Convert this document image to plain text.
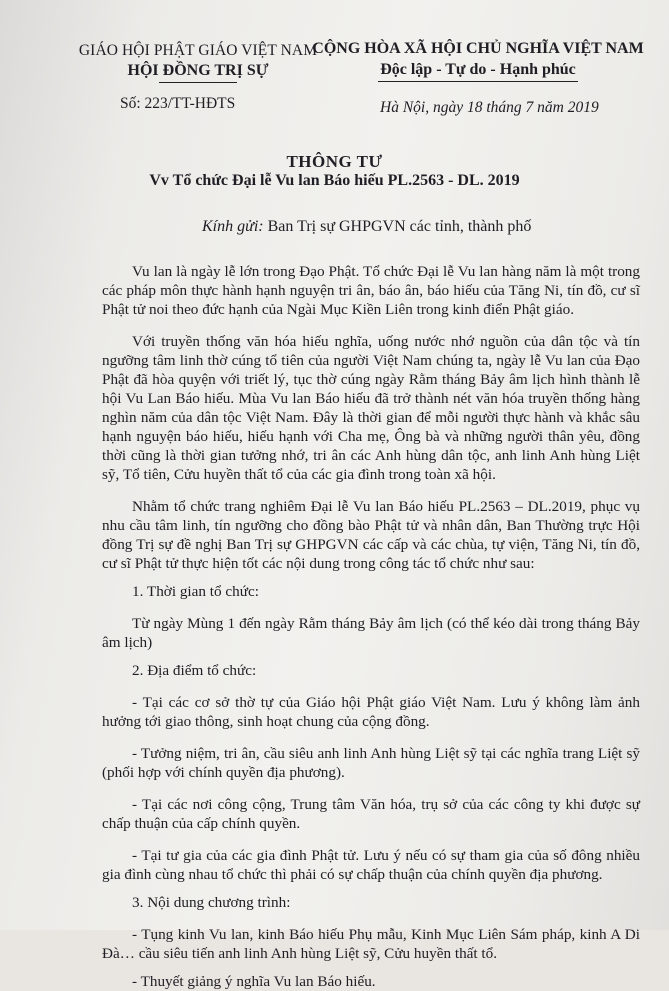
GIÁO HỘI PHẬT GIÁO VIỆT NAM
HỘI ĐỒNG TRỊ SỰ
CỘNG HÒA XÃ HỘI CHỦ NGHĨA VIỆT NAM
Độc lập - Tự do - Hạnh phúc
Số: 223/TT-HĐTS	Hà Nội, ngày 18 tháng 7 năm 2019
THÔNG TƯ
Vv Tổ chức Đại lễ Vu lan Báo hiếu PL.2563 - DL. 2019
Kính gửi: Ban Trị sự GHPGVN các tỉnh, thành phố

Vu lan là ngày lễ lớn trong Đạo Phật. Tổ chức Đại lễ Vu lan hàng năm là một trong các pháp môn thực hành hạnh nguyện tri ân, báo ân, báo hiếu của Tăng Ni, tín đồ, cư sĩ Phật tử noi theo đức hạnh của Ngài Mục Kiền Liên trong kinh điển Phật giáo.

Với truyền thống văn hóa hiếu nghĩa, uống nước nhớ nguồn của dân tộc và tín ngưỡng tâm linh thờ cúng tổ tiên của người Việt Nam chúng ta, ngày lễ Vu lan của Đạo Phật đã hòa quyện với triết lý, tục thờ cúng ngày Rằm tháng Bảy âm lịch hình thành lễ hội Vu Lan Báo hiếu. Mùa Vu lan Báo hiếu đã trở thành nét văn hóa truyền thống hàng nghìn năm của dân tộc Việt Nam. Đây là thời gian để mỗi người thực hành và khắc sâu hạnh nguyện báo hiếu, hiếu hạnh với Cha mẹ, Ông bà và những người thân yêu, đồng thời cũng là thời gian tưởng nhớ, tri ân các Anh hùng dân tộc, anh linh Anh hùng Liệt sỹ, Tổ tiên, Cửu huyền thất tổ của các gia đình trong toàn xã hội.

Nhằm tổ chức trang nghiêm Đại lễ Vu lan Báo hiếu PL.2563 – DL.2019, phục vụ nhu cầu tâm linh, tín ngưỡng cho đồng bào Phật tử và nhân dân, Ban Thường trực Hội đồng Trị sự đề nghị Ban Trị sự GHPGVN các cấp và các chùa, tự viện, Tăng Ni, tín đồ, cư sĩ Phật tử thực hiện tốt các nội dung trong công tác tổ chức như sau:

1. Thời gian tổ chức:

Từ ngày Mùng 1 đến ngày Rằm tháng Bảy âm lịch (có thể kéo dài trong tháng Bảy âm lịch)

2. Địa điểm tổ chức:

- Tại các cơ sở thờ tự của Giáo hội Phật giáo Việt Nam. Lưu ý không làm ảnh hưởng tới giao thông, sinh hoạt chung của cộng đồng.

- Tưởng niệm, tri ân, cầu siêu anh linh Anh hùng Liệt sỹ tại các nghĩa trang Liệt sỹ (phối hợp với chính quyền địa phương).

- Tại các nơi công cộng, Trung tâm Văn hóa, trụ sở của các công ty khi được sự chấp thuận của cấp chính quyền.

- Tại tư gia của các gia đình Phật tử. Lưu ý nếu có sự tham gia của số đông nhiều gia đình cùng nhau tổ chức thì phải có sự chấp thuận của chính quyền địa phương.

3. Nội dung chương trình:

- Tụng kinh Vu lan, kinh Báo hiếu Phụ mẫu, Kinh Mục Liên Sám pháp, kinh A Di Đà… cầu siêu tiến anh linh Anh hùng Liệt sỹ, Cửu huyền thất tổ.

- Thuyết giảng ý nghĩa Vu lan Báo hiếu.
